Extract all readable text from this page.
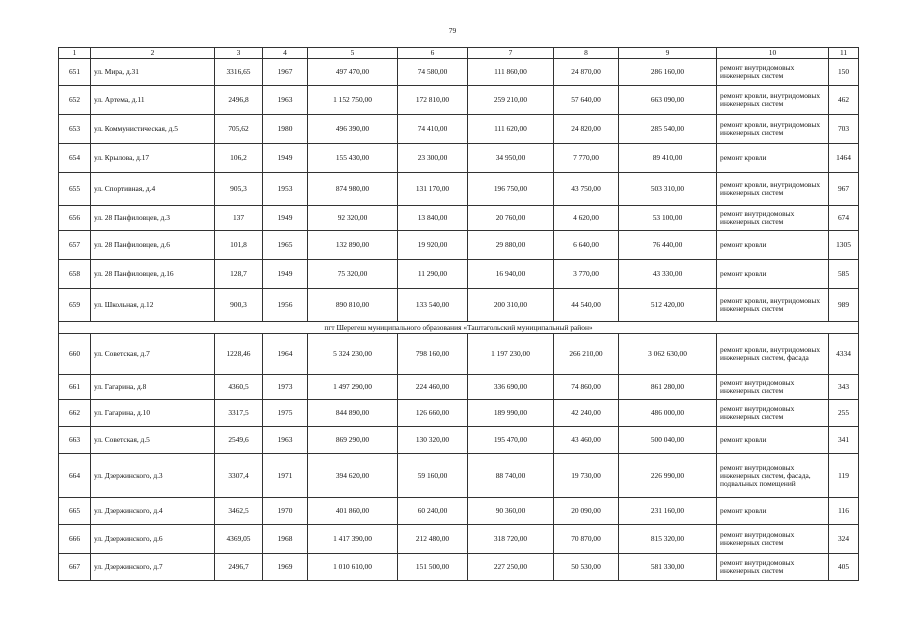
79
1	2	3	4	5	6	7	8	9	10	11
651	ул. Мира, д.31	3316,65	1967	497 470,00	74 580,00	111 860,00	24 870,00	286 160,00	ремонт внутридомовых инженерных систем	150
652	ул. Артема, д.11	2496,8	1963	1 152 750,00	172 810,00	259 210,00	57 640,00	663 090,00	ремонт кровли, внутридомовых инженерных систем	462
653	ул. Коммунистическая, д.5	705,62	1980	496 390,00	74 410,00	111 620,00	24 820,00	285 540,00	ремонт кровли, внутридомовых инженерных систем	703
654	ул. Крылова, д.17	106,2	1949	155 430,00	23 300,00	34 950,00	7 770,00	89 410,00	ремонт кровли	1464
655	ул. Спортивная, д.4	905,3	1953	874 980,00	131 170,00	196 750,00	43 750,00	503 310,00	ремонт кровли, внутридомовых инженерных систем	967
656	ул. 28 Панфиловцев, д.3	137	1949	92 320,00	13 840,00	20 760,00	4 620,00	53 100,00	ремонт внутридомовых инженерных систем	674
657	ул. 28 Панфиловцев, д.6	101,8	1965	132 890,00	19 920,00	29 880,00	6 640,00	76 440,00	ремонт кровли	1305
658	ул. 28 Панфиловцев, д.16	128,7	1949	75 320,00	11 290,00	16 940,00	3 770,00	43 330,00	ремонт кровли	585
659	ул. Школьная, д.12	900,3	1956	890 810,00	133 540,00	200 310,00	44 540,00	512 420,00	ремонт кровли, внутридомовых инженерных систем	989
пгт Шерегеш муниципального образования «Таштагольский муниципальный район»										
660	ул. Советская, д.7	1228,46	1964	5 324 230,00	798 160,00	1 197 230,00	266 210,00	3 062 630,00	ремонт кровли, внутридомовых инженерных систем, фасада	4334
661	ул. Гагарина, д.8	4360,5	1973	1 497 290,00	224 460,00	336 690,00	74 860,00	861 280,00	ремонт внутридомовых инженерных систем	343
662	ул. Гагарина, д.10	3317,5	1975	844 890,00	126 660,00	189 990,00	42 240,00	486 000,00	ремонт внутридомовых инженерных систем	255
663	ул. Советская, д.5	2549,6	1963	869 290,00	130 320,00	195 470,00	43 460,00	500 040,00	ремонт кровли	341
664	ул. Дзержинского, д.3	3307,4	1971	394 620,00	59 160,00	88 740,00	19 730,00	226 990,00	ремонт внутридомовых инженерных систем, фасада, подвальных помещений	119
665	ул. Дзержинского, д.4	3462,5	1970	401 860,00	60 240,00	90 360,00	20 090,00	231 160,00	ремонт кровли	116
666	ул. Дзержинского, д.6	4369,05	1968	1 417 390,00	212 480,00	318 720,00	70 870,00	815 320,00	ремонт внутридомовых инженерных систем	324
667	ул. Дзержинского, д.7	2496,7	1969	1 010 610,00	151 500,00	227 250,00	50 530,00	581 330,00	ремонт внутридомовых инженерных систем	405
